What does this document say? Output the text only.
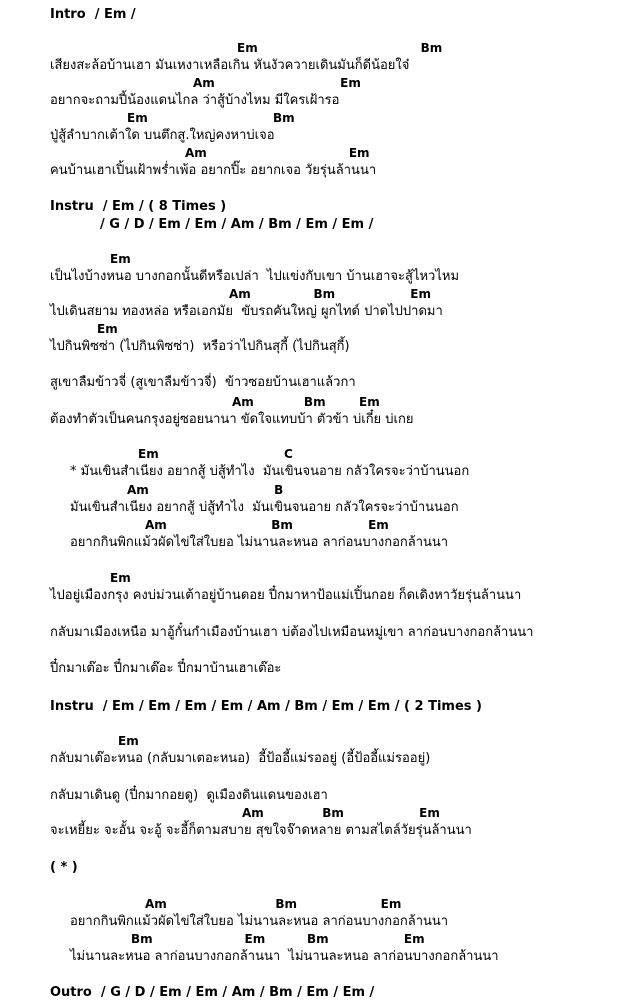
Intro  / Em /
Em                                       Bm
เสียงสะล้อบ้านเฮา มันเหงาเหลือเกิน หันงัวควายเดินมันก็ดีน้อยใจ๋
Am                              Em
อยากจะถามปี้น้องแดนไกล ว่าสู้บ้างไหม มีใครเฝ้ารอ
Em                              Bm
ปู่สู้ลำบากเต้าใด บนตึกสู.ใหญ่คงหาบ่เจอ
Am                                  Em
คนบ้านเฮาเปิ้นเฝ้าพร่ำเพ้อ อยากปิ๊ะ อยากเจอ วัยรุ่นล้านนา
Instru  / Em / ( 8 Times )
/ G / D / Em / Em / Am / Bm / Em / Em /
Em
เป็นไงบ้างหนอ บางกอกนั้นดีหรือเปล่า  ไปแข่งกับเขา บ้านเฮาจะสู้ไหวไหม
Am               Bm                  Em
ไปเดินสยาม ทองหล่อ หรือเอกมัย  ขับรถคันใหญ่ ผูกไทด์ ปาดไปปาดมา
Em
ไปกินพิซซ่า (ไปกินพิซซ่า)  หรือว่าไปกินสุกี้ (ไปกินสุกี้)
สูเขาลืมข้าวจี่ (สูเขาลืมข้าวจี่)  ข้าวซอยบ้านเฮาแล้วกา
Am            Bm        Em
ต้องทำตัวเป็นคนกรุงอยู่ซอยนานา ขัดใจแทบบ้า ตัวข้า บ่เกี๋ย บ่เกย
Em                              C
* มันเขินสำเนียง อยากสู้ บ่สู้ทำไง  มันเขินจนอาย กลัวใครจะว่าบ้านนอก
Am                              B
มันเขินสำเนียง อยากสู้ บ่สู้ทำไง  มันเขินจนอาย กลัวใครจะว่าบ้านนอก
Am                         Bm                  Em
อยากกินพิกแม้วผัดไข่ใส่ใบยอ ไม่นานละหนอ ลาก่อนบางกอกล้านนา
Em
ไปอยู่เมืองกรุง คงบ่ม่วนเต้าอยู่บ้านดอย ปี๋กมาหาป้อแม่เปิ้นกอย ก็ดเดิงหาวัยรุ่นล้านนา
กลับมาเมืองเหนือ มาอู้กั๋นกำเมืองบ้านเฮา บ่ต้องไปเหมือนหมู่เขา ลาก่อนบางกอกล้านนา
ปี๋กมาเต๊อะ ปี๋กมาเต๊อะ ปี๋กมาบ้านเฮาเต๊อะ
Instru  / Em / Em / Em / Em / Am / Bm / Em / Em / ( 2 Times )
Em
กลับมาเต๊อะหนอ (กลับมาเตอะหนอ)  อี้ป้ออี้แม่รออยู่ (อี้ป้ออี้แม่รออยู่)
กลับมาเดินดู (ปี๋กมากอยดู)  ดูเมืองดินแดนของเฮา
Am              Bm                  Em
จะเหยี้ยะ จะอั้น จะอู้ จะอี้ก็ตามสบาย สุขใจจ๊าดหลาย ตามสไตล์วัยรุ่นล้านนา
( * )
Am                          Bm                    Em
อยากกินพิกแม้วผัดไข่ใส่ใบยอ ไม่นานละหนอ ลาก่อนบางกอกล้านนา
Bm                      Em          Bm                  Em
ไม่นานละหนอ ลาก่อนบางกอกล้านนา  ไม่นานละหนอ ลาก่อนบางกอกล้านนา
Outro  / G / D / Em / Em / Am / Bm / Em / Em /
